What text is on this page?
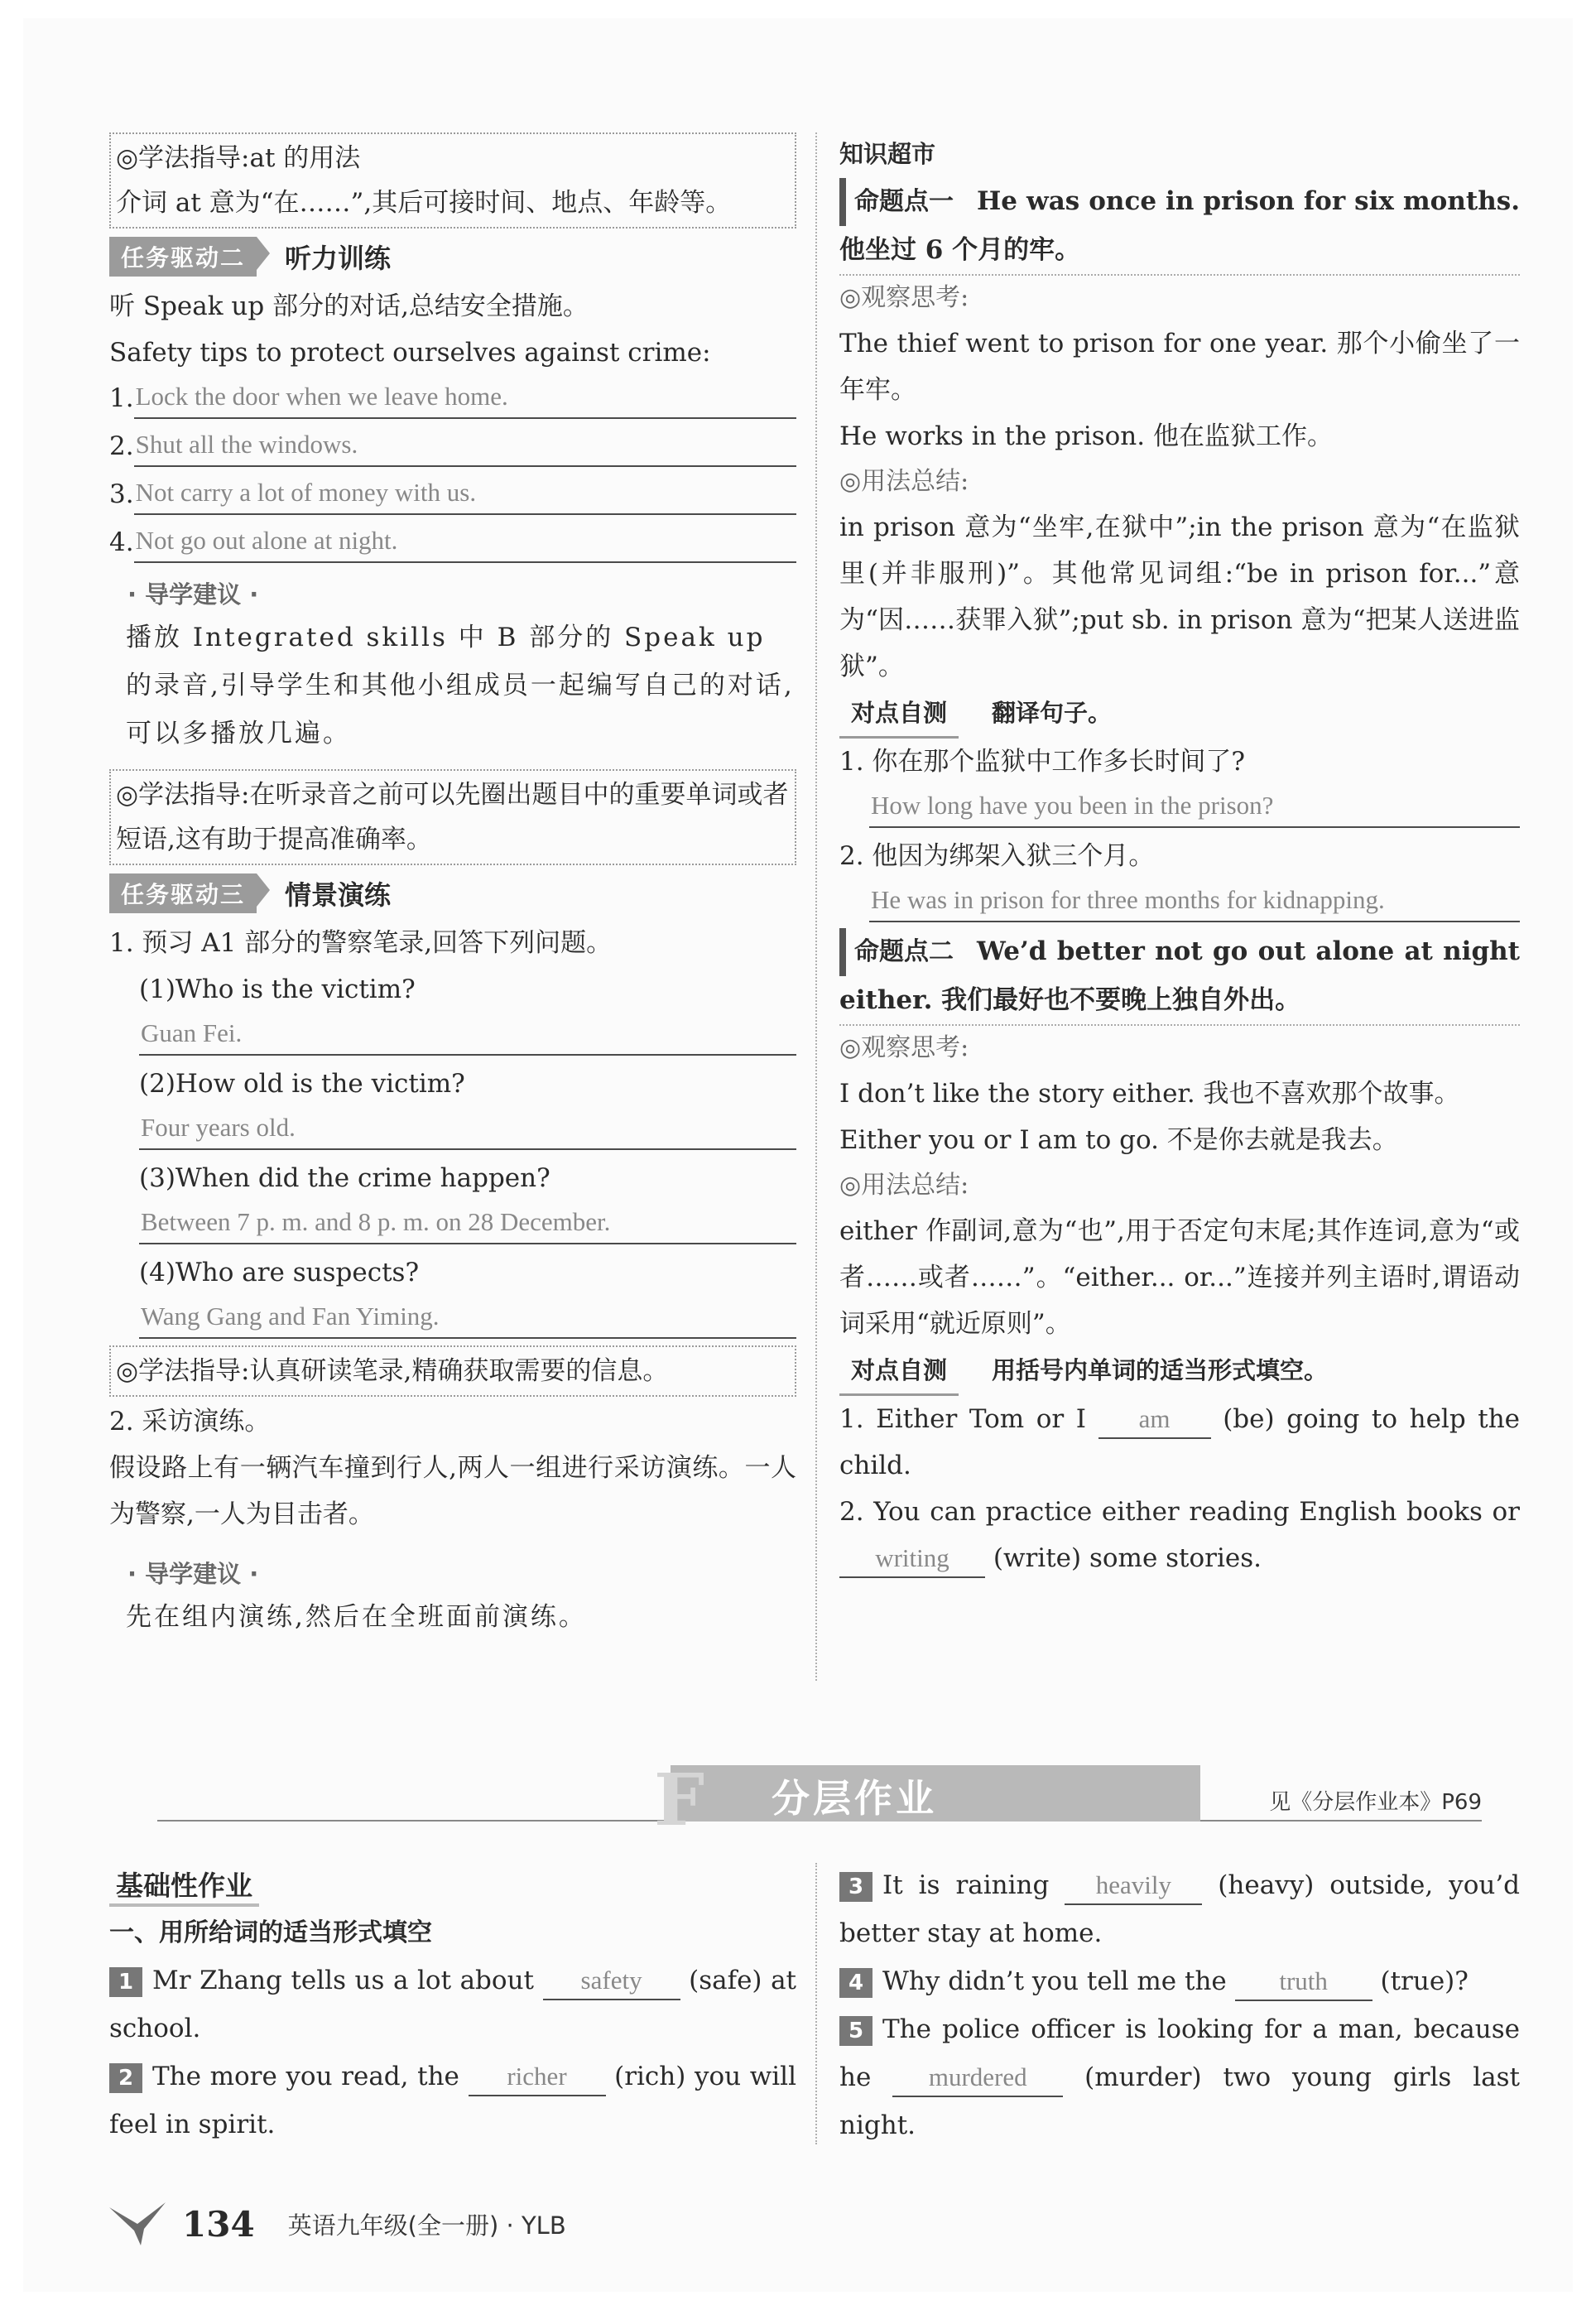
◎学法指导:at 的用法
介词 at 意为“在……”,其后可接时间、地点、年龄等。
任务驱动二	听力训练
听 Speak up 部分的对话,总结安全措施。
Safety tips to protect ourselves against crime:
1. Lock the door when we leave home.
2. Shut all the windows.
3. Not carry a lot of money with us.
4. Not go out alone at night.
· 导学建议 ·
播放 Integrated skills 中 B 部分的 Speak up 的录音,引导学生和其他小组成员一起编写自己的对话,可以多播放几遍。
◎学法指导:在听录音之前可以先圈出题目中的重要单词或者短语,这有助于提高准确率。
任务驱动三	情景演练
1. 预习 A1 部分的警察笔录,回答下列问题。
(1)Who is the victim?
Guan Fei.
(2)How old is the victim?
Four years old.
(3)When did the crime happen?
Between 7 p. m. and 8 p. m. on 28 December.
(4)Who are suspects?
Wang Gang and Fan Yiming.
◎学法指导:认真研读笔录,精确获取需要的信息。
2. 采访演练。
假设路上有一辆汽车撞到行人,两人一组进行采访演练。一人为警察,一人为目击者。
· 导学建议 ·
先在组内演练,然后在全班面前演练。
知识超市
命题点一 He was once in prison for six months. 他坐过 6 个月的牢。
◎观察思考:
The thief went to prison for one year. 那个小偷坐了一年牢。
He works in the prison. 他在监狱工作。
◎用法总结:
in prison 意为“坐牢,在狱中”;in the prison 意为“在监狱里(并非服刑)”。其他常见词组:“be in prison for...”意为“因……获罪入狱”;put sb. in prison 意为“把某人送进监狱”。
对点自测 翻译句子。
1. 你在那个监狱中工作多长时间了?
How long have you been in the prison?
2. 他因为绑架入狱三个月。
He was in prison for three months for kidnapping.
命题点二 We’d better not go out alone at night either. 我们最好也不要晚上独自外出。
◎观察思考:
I don’t like the story either. 我也不喜欢那个故事。
Either you or I am to go. 不是你去就是我去。
◎用法总结:
either 作副词,意为“也”,用于否定句末尾;其作连词,意为“或者……或者……”。“either... or...”连接并列主语时,谓语动词采用“就近原则”。
对点自测 用括号内单词的适当形式填空。
1. Either Tom or I am (be) going to help the child.
2. You can practice either reading English books or writing (write) some stories.
F 分层作业	见《分层作业本》P69
基础性作业
一、用所给词的适当形式填空
1 Mr Zhang tells us a lot about safety (safe) at school.
2 The more you read, the richer (rich) you will feel in spirit.
3 It is raining heavily (heavy) outside, you’d better stay at home.
4 Why didn’t you tell me the truth (true)?
5 The police officer is looking for a man, because he murdered (murder) two young girls last night.
134 英语九年级(全一册) · YLB
